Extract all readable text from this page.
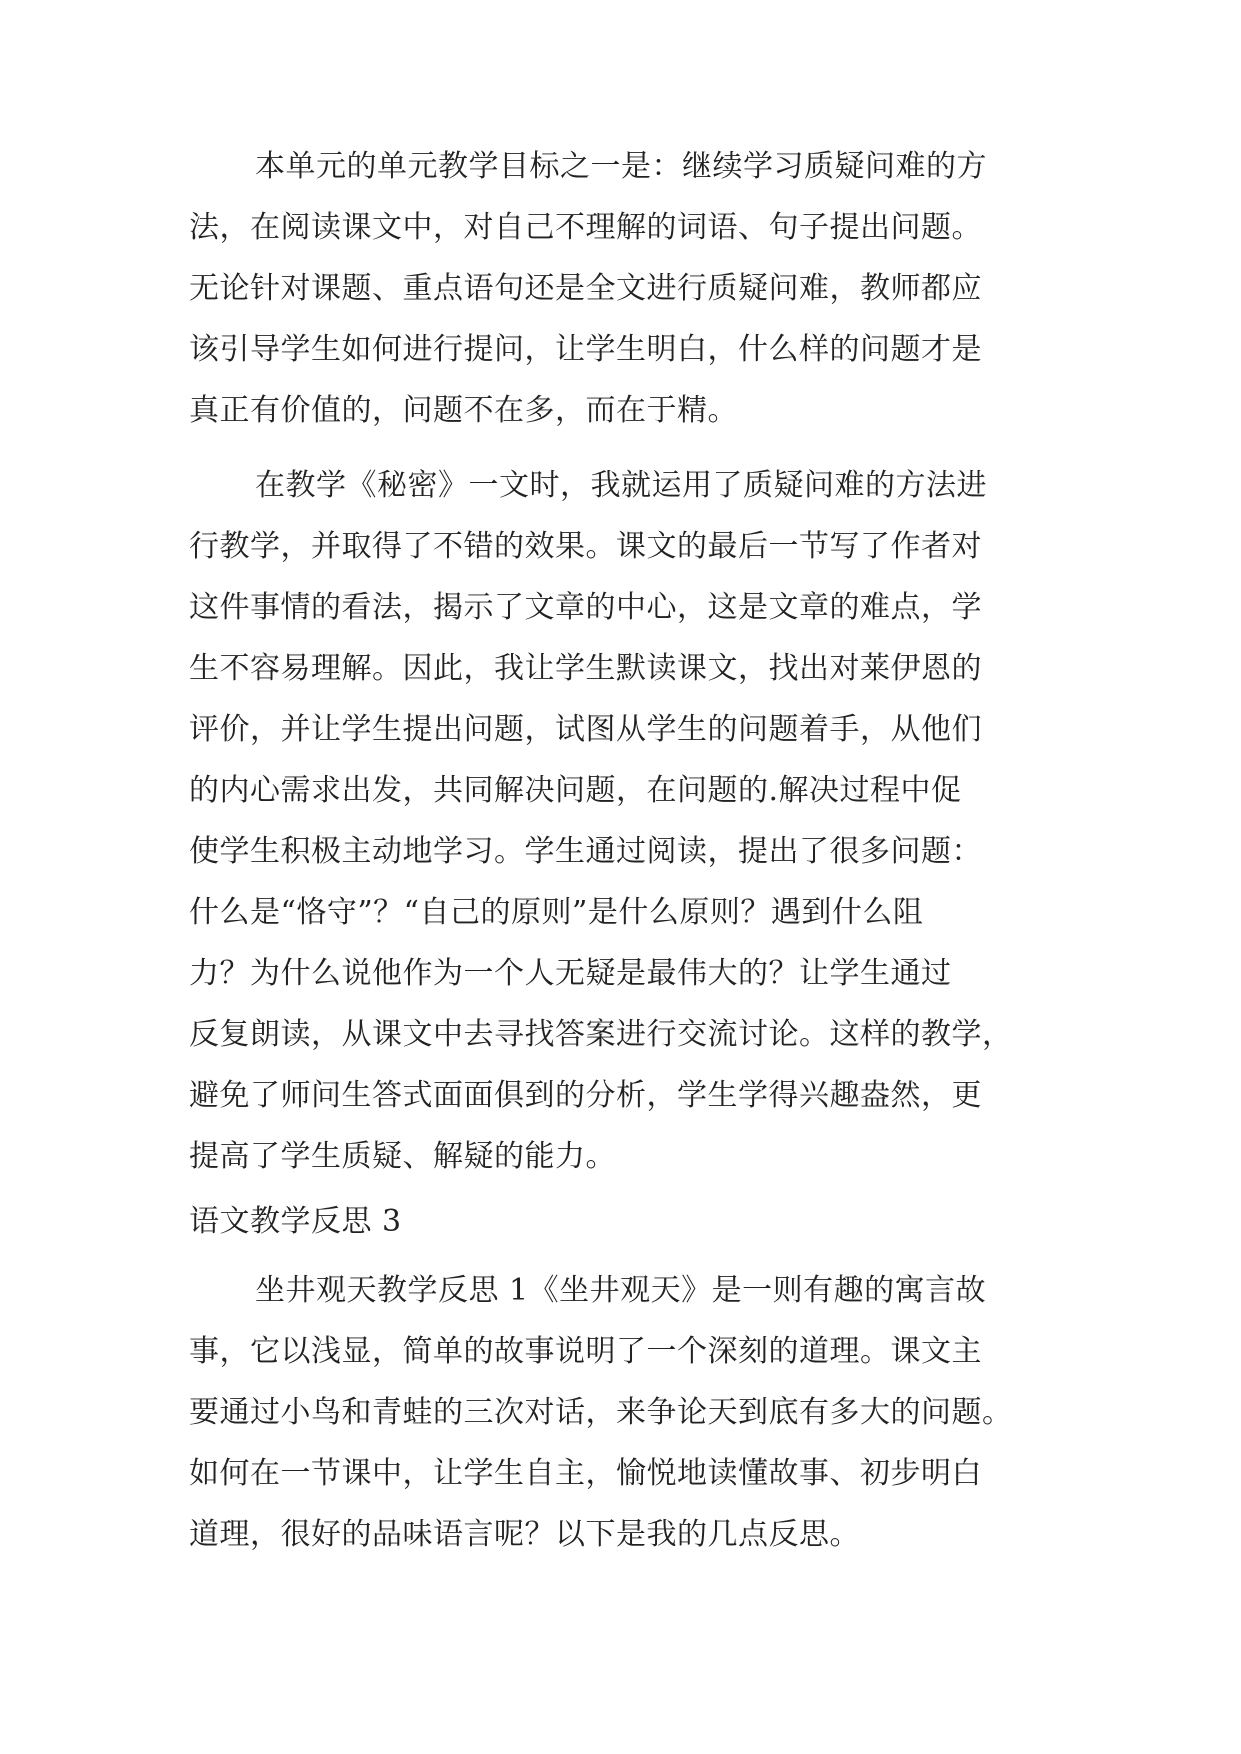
本单元的单元教学目标之一是：继续学习质疑问难的方
法，在阅读课文中，对自己不理解的词语、句子提出问题。
无论针对课题、重点语句还是全文进行质疑问难，教师都应
该引导学生如何进行提问，让学生明白，什么样的问题才是
真正有价值的，问题不在多，而在于精。
在教学《秘密》一文时，我就运用了质疑问难的方法进
行教学，并取得了不错的效果。课文的最后一节写了作者对
这件事情的看法，揭示了文章的中心，这是文章的难点，学
生不容易理解。因此，我让学生默读课文，找出对莱伊恩的
评价，并让学生提出问题，试图从学生的问题着手，从他们
的内心需求出发，共同解决问题，在问题的.解决过程中促
使学生积极主动地学习。学生通过阅读，提出了很多问题：
什么是“恪守”？“自己的原则”是什么原则？遇到什么阻
力？为什么说他作为一个人无疑是最伟大的？让学生通过
反复朗读，从课文中去寻找答案进行交流讨论。这样的教学，
避免了师问生答式面面俱到的分析，学生学得兴趣盎然，更
提高了学生质疑、解疑的能力。
语文教学反思 3
坐井观天教学反思 1《坐井观天》是一则有趣的寓言故
事，它以浅显，简单的故事说明了一个深刻的道理。课文主
要通过小鸟和青蛙的三次对话，来争论天到底有多大的问题。
如何在一节课中，让学生自主，愉悦地读懂故事、初步明白
道理，很好的品味语言呢？以下是我的几点反思。
